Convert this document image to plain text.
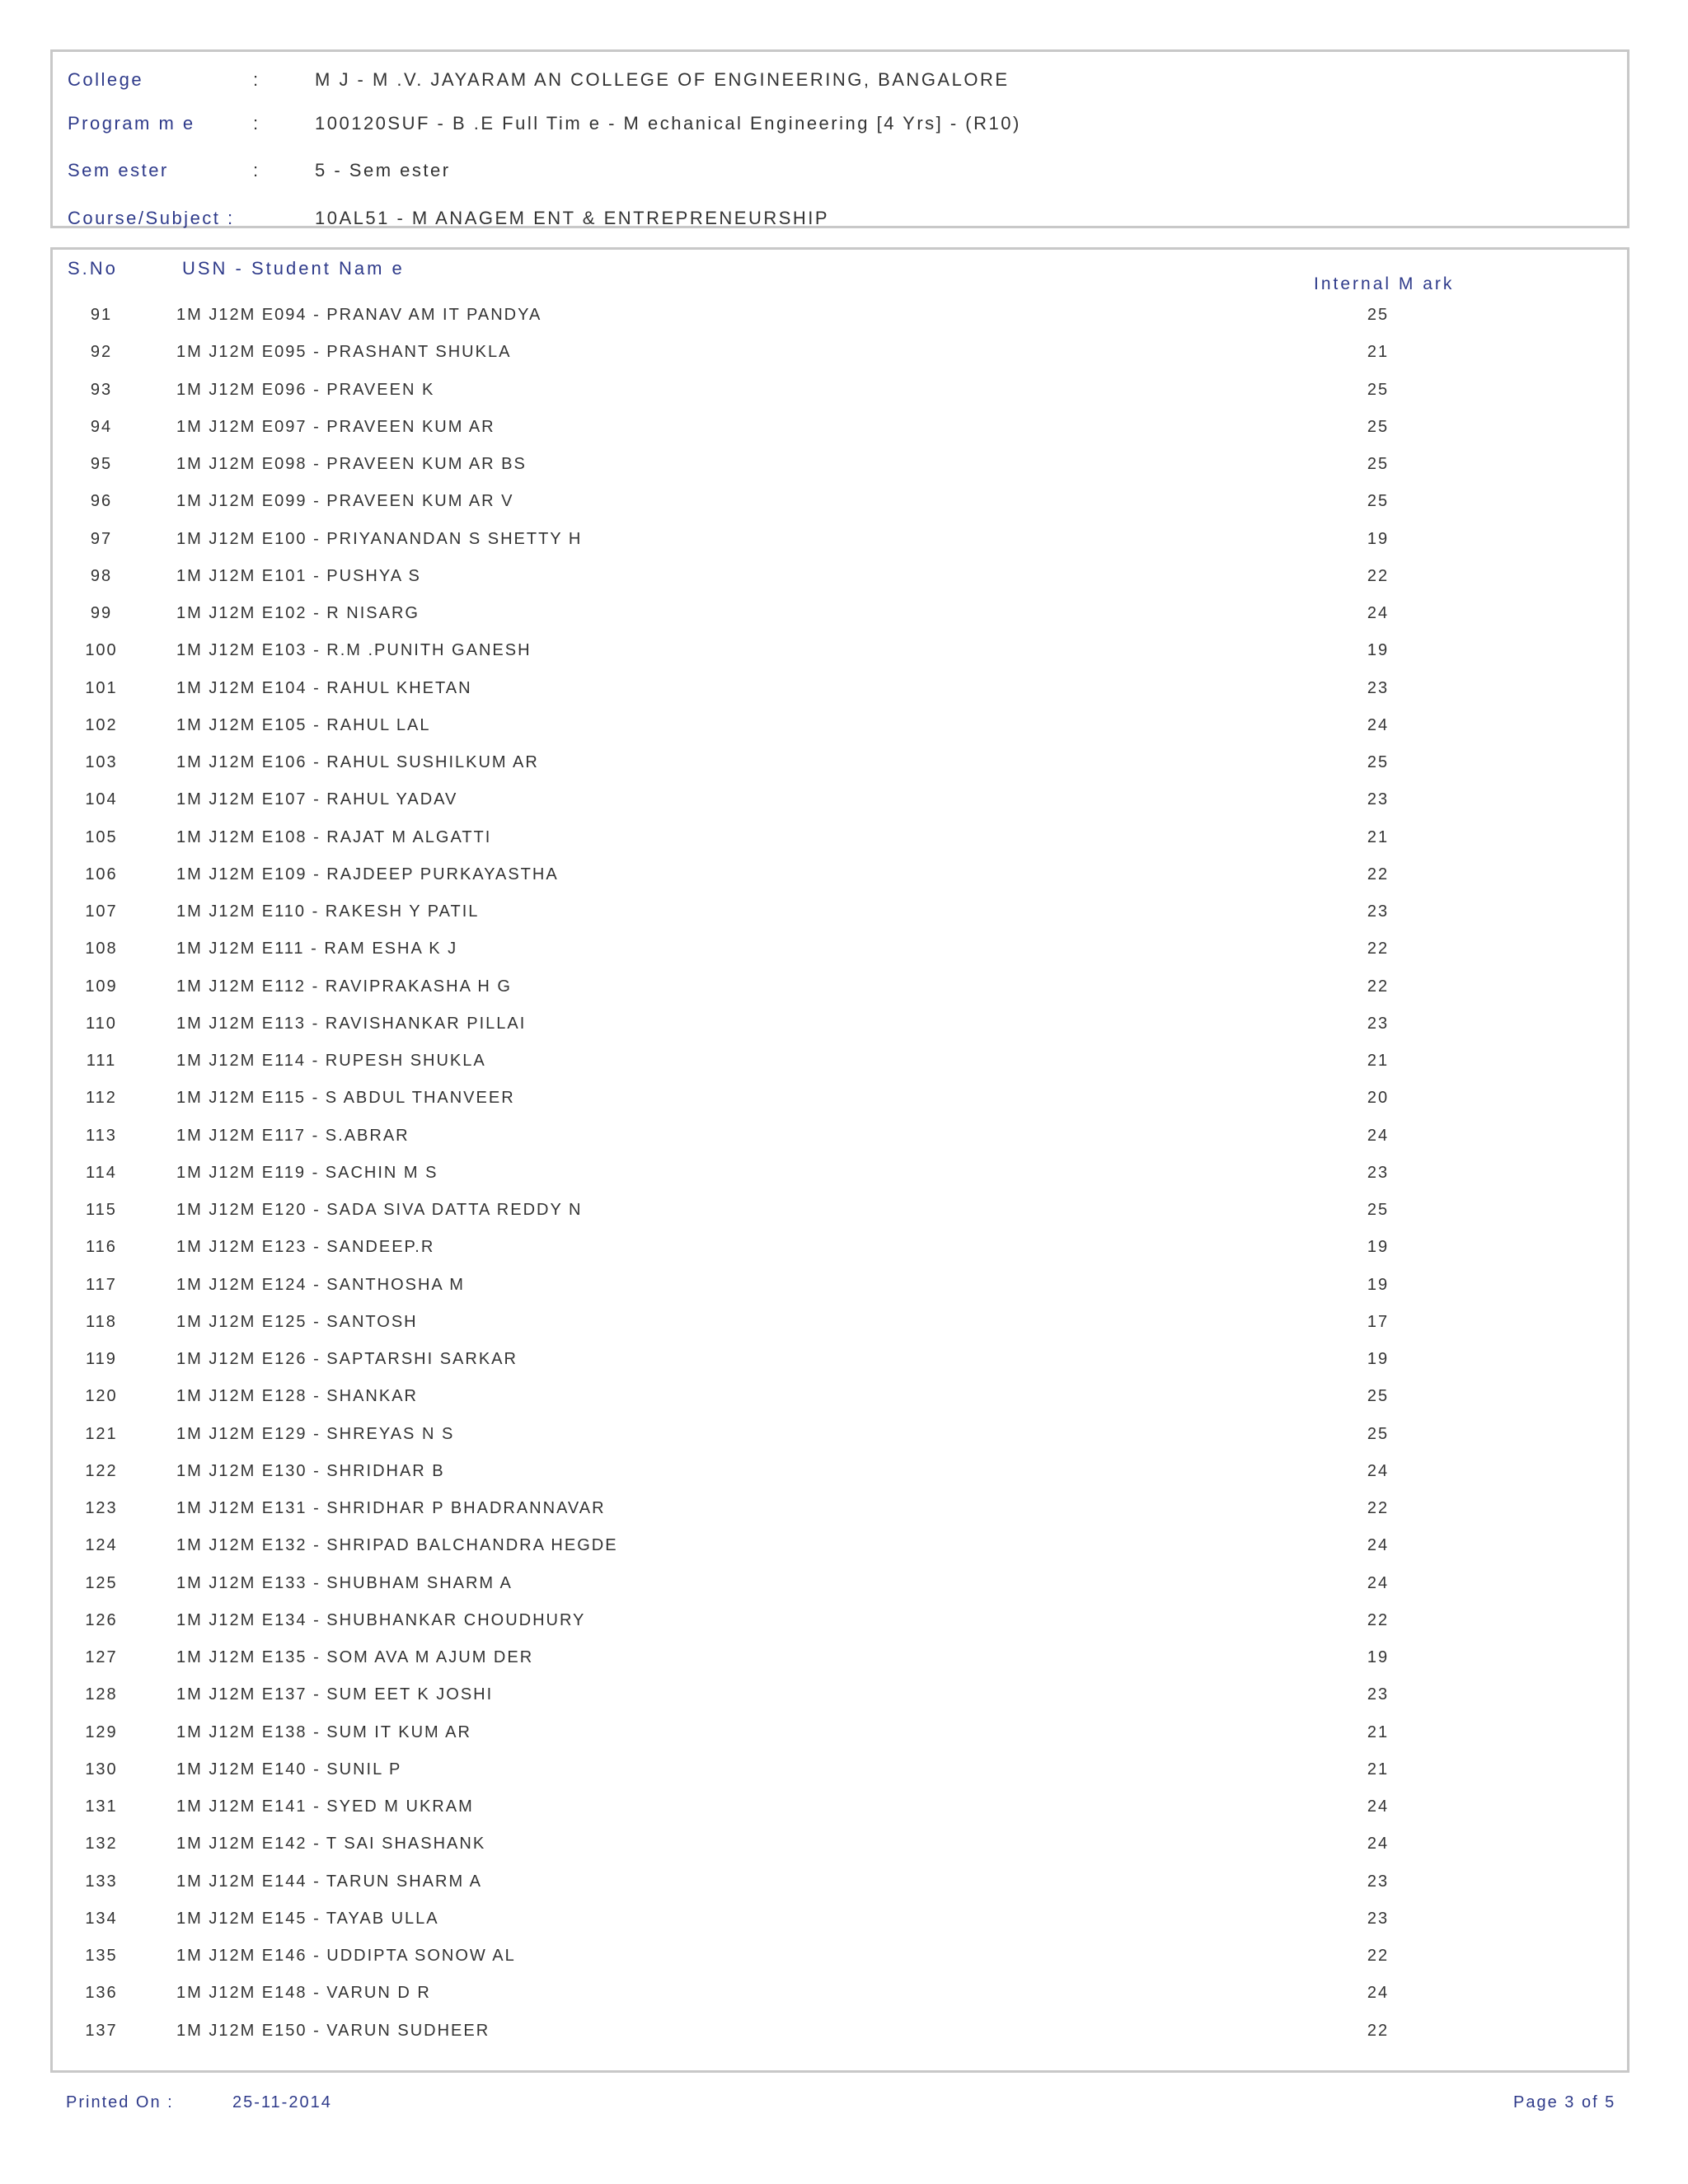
College	:	M J - M .V. JAYARAM AN COLLEGE OF ENGINEERING, BANGALORE
Program m e	:	100120SUF - B .E Full Tim e - M echanical Engineering [4 Yrs] - (R10)
Sem ester	:	5 - Sem ester
Course/Subject :	10AL51 - M ANAGEM ENT & ENTREPRENEURSHIP
S.No	USN - Student Nam e
Internal M ark
91	1M J12M E094 - PRANAV AM IT PANDYA	25
92	1M J12M E095 - PRASHANT SHUKLA	21
93	1M J12M E096 - PRAVEEN K	25
94	1M J12M E097 - PRAVEEN KUM AR	25
95	1M J12M E098 - PRAVEEN KUM AR BS	25
96	1M J12M E099 - PRAVEEN KUM AR V	25
97	1M J12M E100 - PRIYANANDAN S SHETTY H	19
98	1M J12M E101 - PUSHYA S	22
99	1M J12M E102 - R NISARG	24
100	1M J12M E103 - R.M .PUNITH GANESH	19
101	1M J12M E104 - RAHUL KHETAN	23
102	1M J12M E105 - RAHUL LAL	24
103	1M J12M E106 - RAHUL SUSHILKUM AR	25
104	1M J12M E107 - RAHUL YADAV	23
105	1M J12M E108 - RAJAT M ALGATTI	21
106	1M J12M E109 - RAJDEEP PURKAYASTHA	22
107	1M J12M E110 - RAKESH Y PATIL	23
108	1M J12M E111 - RAM ESHA K J	22
109	1M J12M E112 - RAVIPRAKASHA H G	22
110	1M J12M E113 - RAVISHANKAR PILLAI	23
111	1M J12M E114 - RUPESH SHUKLA	21
112	1M J12M E115 - S ABDUL THANVEER	20
113	1M J12M E117 - S.ABRAR	24
114	1M J12M E119 - SACHIN M S	23
115	1M J12M E120 - SADA SIVA DATTA REDDY N	25
116	1M J12M E123 - SANDEEP.R	19
117	1M J12M E124 - SANTHOSHA M	19
118	1M J12M E125 - SANTOSH	17
119	1M J12M E126 - SAPTARSHI SARKAR	19
120	1M J12M E128 - SHANKAR	25
121	1M J12M E129 - SHREYAS N S	25
122	1M J12M E130 - SHRIDHAR B	24
123	1M J12M E131 - SHRIDHAR P BHADRANNAVAR	22
124	1M J12M E132 - SHRIPAD BALCHANDRA HEGDE	24
125	1M J12M E133 - SHUBHAM SHARM A	24
126	1M J12M E134 - SHUBHANKAR CHOUDHURY	22
127	1M J12M E135 - SOM AVA M AJUM DER	19
128	1M J12M E137 - SUM EET K JOSHI	23
129	1M J12M E138 - SUM IT KUM AR	21
130	1M J12M E140 - SUNIL P	21
131	1M J12M E141 - SYED M UKRAM	24
132	1M J12M E142 - T SAI SHASHANK	24
133	1M J12M E144 - TARUN SHARM A	23
134	1M J12M E145 - TAYAB ULLA	23
135	1M J12M E146 - UDDIPTA SONOW AL	22
136	1M J12M E148 - VARUN D R	24
137	1M J12M E150 - VARUN SUDHEER	22
Printed On :	25-11-2014	Page 3 of 5
